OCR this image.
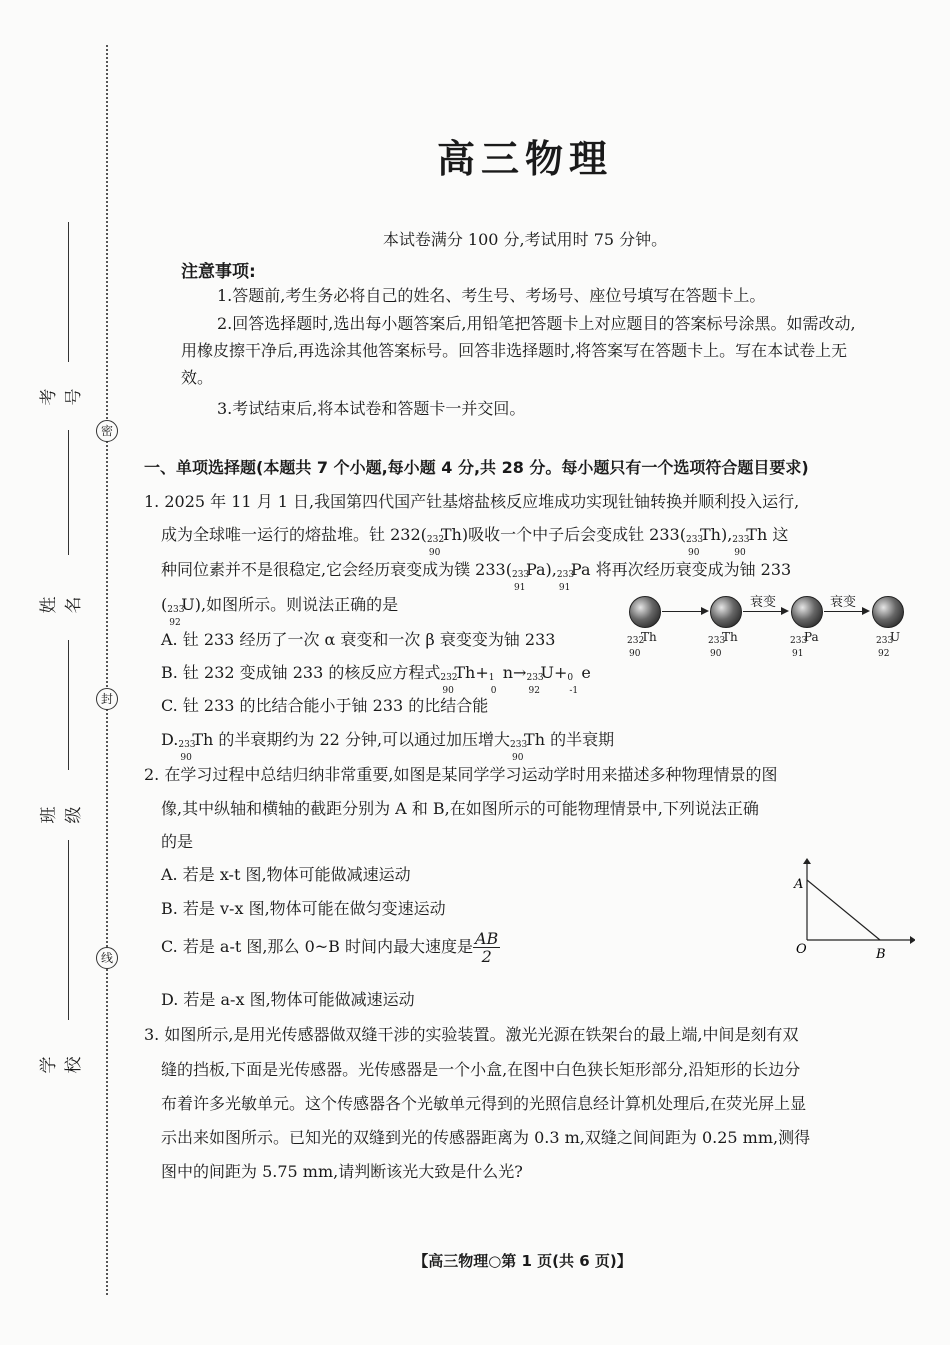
密
封
线
考号
姓名
班级
学校
高三物理
本试卷满分 100 分,考试用时 75 分钟。
注意事项:
1.答题前,考生务必将自己的姓名、考生号、考场号、座位号填写在答题卡上。
2.回答选择题时,选出每小题答案后,用铅笔把答题卡上对应题目的答案标号涂黑。如需改动,用橡皮擦干净后,再选涂其他答案标号。回答非选择题时,将答案写在答题卡上。写在本试卷上无效。
3.考试结束后,将本试卷和答题卡一并交回。
一、单项选择题(本题共 7 个小题,每小题 4 分,共 28 分。每小题只有一个选项符合题目要求)
1. 2025 年 11 月 1 日,我国第四代国产钍基熔盐核反应堆成功实现钍铀转换并顺利投入运行,
成为全球唯一运行的熔盐堆。钍 232( 232
90
Th)吸收一个中子后会变成钍 233( 233
90
Th), 233
90
Th 这
种同位素并不是很稳定,它会经历衰变成为镤 233( 233
91
Pa), 233
91
Pa 将再次经历衰变成为铀 233
( 233
92
U),如图所示。则说法正确的是	衰变	衰变
232
90
Th	233
90
Th	233
91
Pa	233
92
U
A. 钍 233 经历了一次 α 衰变和一次 β 衰变变为铀 233
B. 钍 232 变成铀 233 的核反应方程式 232
90
Th+ 1
0
n→ 233
92
U+ 0
-1
e
C. 钍 233 的比结合能小于铀 233 的比结合能
D. 233
90
Th 的半衰期约为 22 分钟,可以通过加压增大 233
90
Th 的半衰期
2. 在学习过程中总结归纳非常重要,如图是某同学学习运动学时用来描述多种物理情景的图
像,其中纵轴和横轴的截距分别为 A 和 B,在如图所示的可能物理情景中,下列说法正确
的是
A. 若是 x-t 图,物体可能做减速运动
B. 若是 v-x 图,物体可能在做匀变速运动
C. 若是 a-t 图,那么 0~B 时间内最大速度是 $\frac{AB}{2}$
D. 若是 a-x 图,物体可能做减速运动
A
O	B
3. 如图所示,是用光传感器做双缝干涉的实验装置。激光光源在铁架台的最上端,中间是刻有双
缝的挡板,下面是光传感器。光传感器是一个小盒,在图中白色狭长矩形部分,沿矩形的长边分
布着许多光敏单元。这个传感器各个光敏单元得到的光照信息经计算机处理后,在荧光屏上显
示出来如图所示。已知光的双缝到光的传感器距离为 0.3 m,双缝之间间距为 0.25 mm,测得
图中的间距为 5.75 mm,请判断该光大致是什么光?
【高三物理○第 1 页(共 6 页)】
